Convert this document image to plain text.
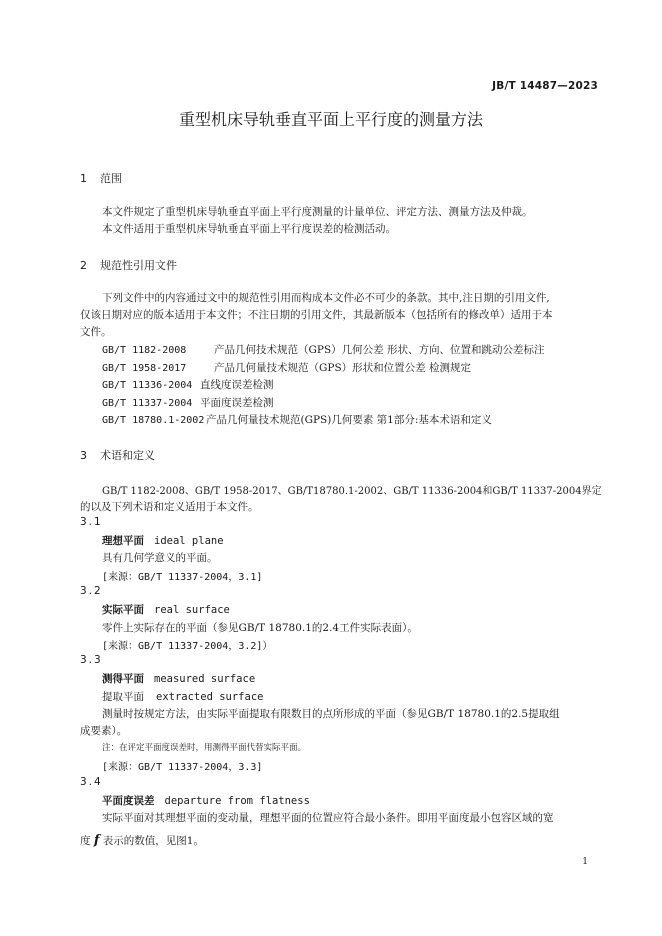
JB/T 14487—2023
重型机床导轨垂直平面上平行度的测量方法
1 范围
本文件规定了重型机床导轨垂直平面上平行度测量的计量单位、评定方法、测量方法及仲裁。
本文件适用于重型机床导轨垂直平面上平行度误差的检测活动。
2 规范性引用文件
下列文件中的内容通过文中的规范性引用而构成本文件必不可少的条款。其中,注日期的引用文件,
仅该日期对应的版本适用于本文件；不注日期的引用文件，其最新版本（包括所有的修改单）适用于本
文件。
GB/T 1182-2008	产品几何技术规范（GPS）几何公差 形状、方向、位置和跳动公差标注
GB/T 1958-2017	产品几何量技术规范（GPS）形状和位置公差 检测规定
GB/T 11336-2004 直线度误差检测
GB/T 11337-2004 平面度误差检测
GB/T 18780.1-2002 产品几何量技术规范(GPS)几何要素 第1部分:基本术语和定义
3 术语和定义
GB/T 1182-2008、GB/T 1958-2017、GB/T18780.1-2002、GB/T 11336-2004和GB/T 11337-2004界定
的以及下列术语和定义适用于本文件。
3.1
理想平面 ideal plane
具有几何学意义的平面。
[来源：GB/T 11337-2004，3.1]
3.2
实际平面 real surface
零件上实际存在的平面（参见GB/T 18780.1的2.4工件实际表面）。
[来源：GB/T 11337-2004，3.2]）
3.3
测得平面 measured surface
提取平面 extracted surface
测量时按规定方法，由实际平面提取有限数目的点所形成的平面（参见GB/T 18780.1的2.5提取组
成要素）。
注：在评定平面度误差时，用测得平面代替实际平面。
[来源：GB/T 11337-2004，3.3]
3.4
平面度误差 departure from flatness
实际平面对其理想平面的变动量，理想平面的位置应符合最小条件。即用平面度最小包容区域的宽
度 f 表示的数值，见图1。
1
